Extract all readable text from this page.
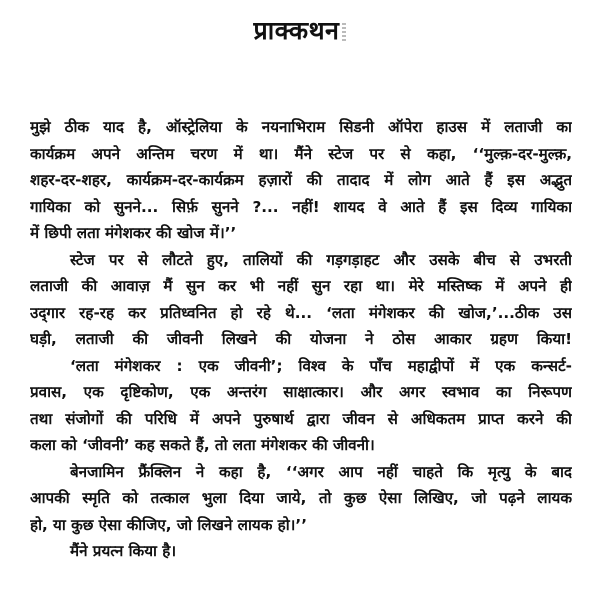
प्राक्कथन
मुझे ठीक याद है, ऑस्ट्रेलिया के नयनाभिराम सिडनी ऑपेरा हाउस में लताजी का
कार्यक्रम अपने अन्तिम चरण में था। मैंने स्टेज पर से कहा, ‘‘मुल्क़-दर-मुल्क़,
शहर-दर-शहर, कार्यक्रम-दर-कार्यक्रम हज़ारों की तादाद में लोग आते हैं इस अद्भुत
गायिका को सुनने... सिर्फ़ सुनने ?... नहीं! शायद वे आते हैं इस दिव्य गायिका
में छिपी लता मंगेशकर की खोज में।’’
स्टेज पर से लौटते हुए, तालियों की गड़गड़ाहट और उसके बीच से उभरती
लताजी की आवाज़ मैं सुन कर भी नहीं सुन रहा था। मेरे मस्तिष्क में अपने ही
उद्‌गार रह-रह कर प्रतिध्वनित हो रहे थे... ‘लता मंगेशकर की खोज,’...ठीक उस
घड़ी, लताजी की जीवनी लिखने की योजना ने ठोस आकार ग्रहण किया!
‘लता मंगेशकर : एक जीवनी’; विश्व के पाँच महाद्वीपों में एक कन्सर्ट-
प्रवास, एक दृष्टिकोण, एक अन्तरंग साक्षात्कार। और अगर स्वभाव का निरूपण
तथा संजोगों की परिधि में अपने पुरुषार्थ द्वारा जीवन से अधिकतम प्राप्त करने की
कला को ‘जीवनी’ कह सकते हैं, तो लता मंगेशकर की जीवनी।
बेनजामिन फ्रैंक्लिन ने कहा है, ‘‘अगर आप नहीं चाहते कि मृत्यु के बाद
आपकी स्मृति को तत्काल भुला दिया जाये, तो कुछ ऐसा लिखिए, जो पढ़ने लायक
हो, या कुछ ऐसा कीजिए, जो लिखने लायक हो।’’
मैंने प्रयत्न किया है।
